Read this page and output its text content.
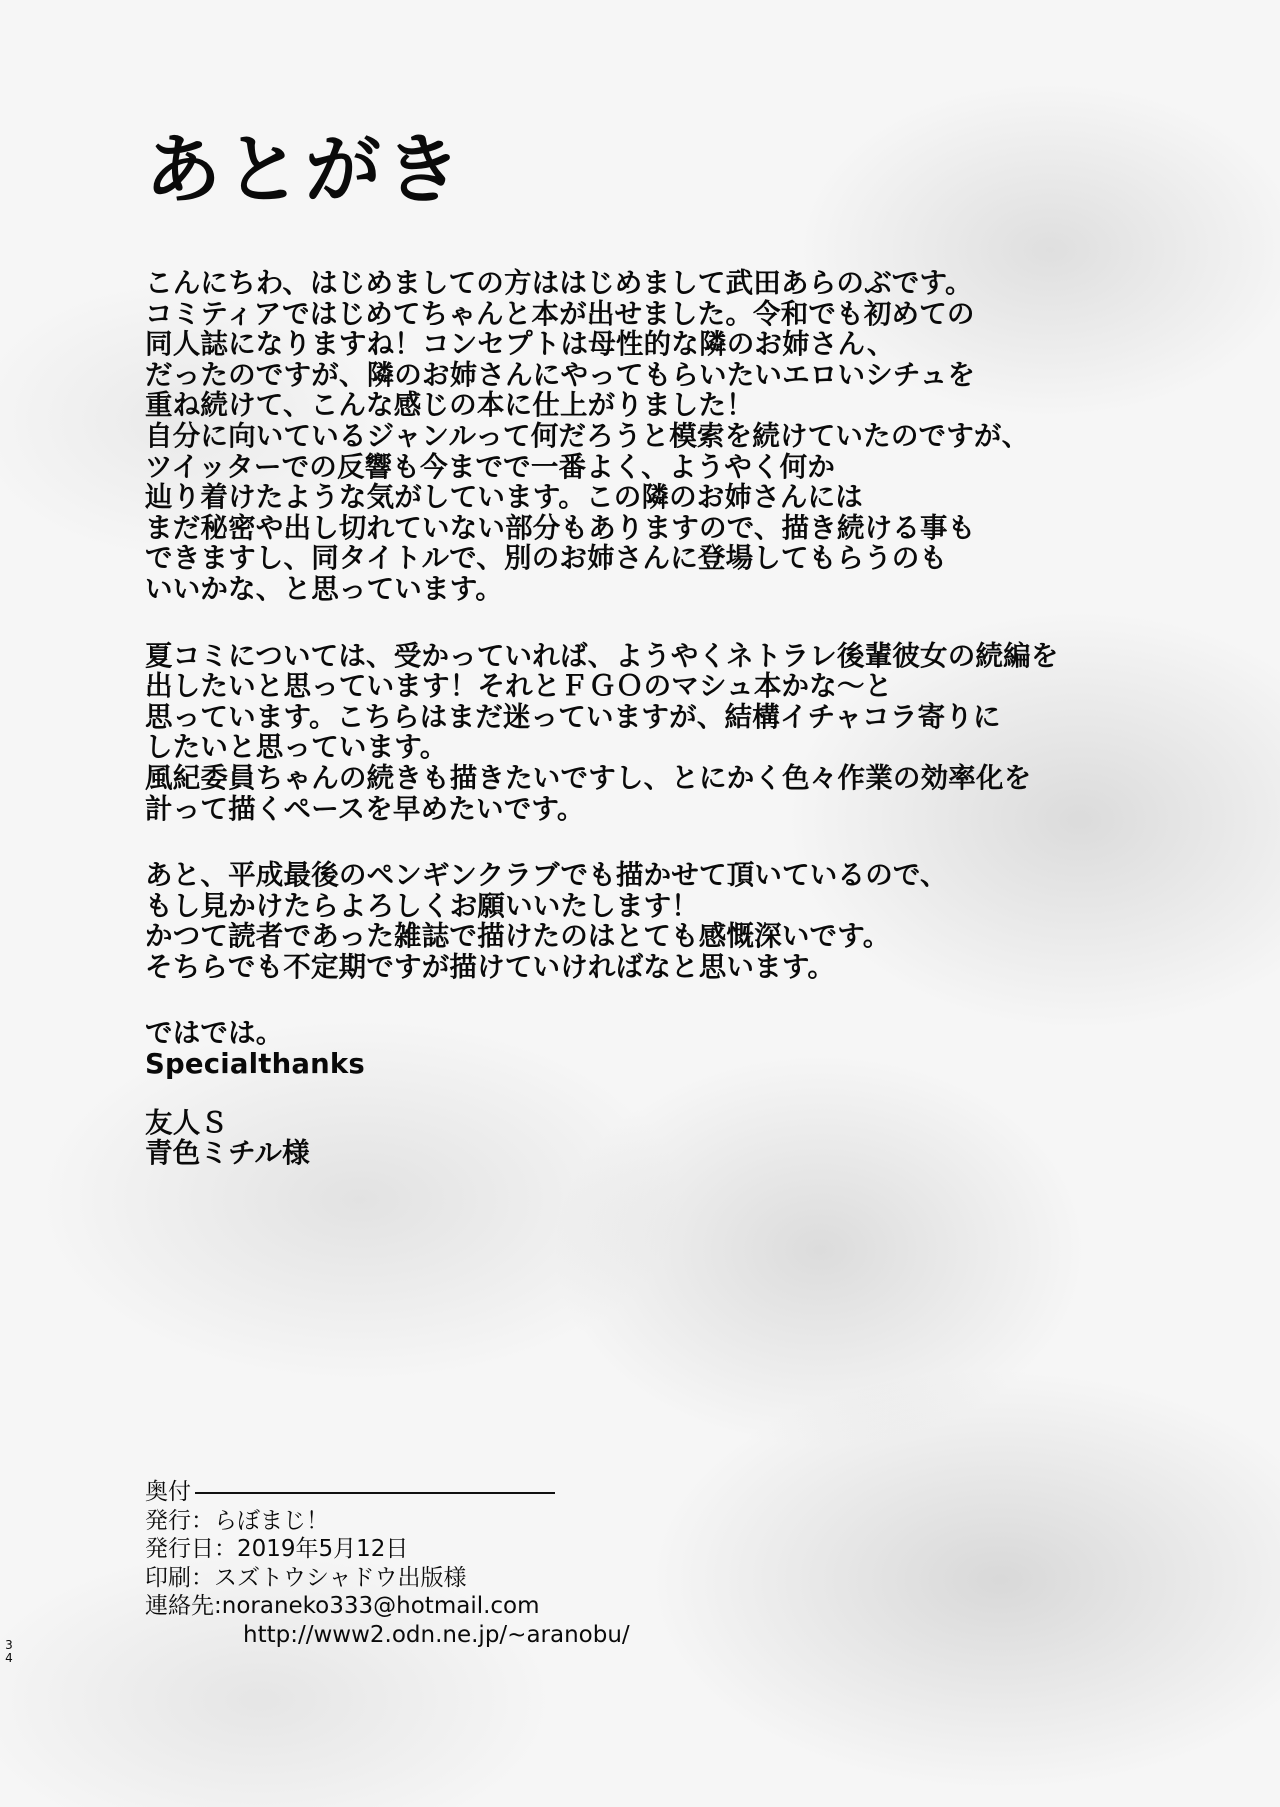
あとがき

こんにちわ、はじめましての方ははじめまして武田あらのぶです。
コミティアではじめてちゃんと本が出せました。令和でも初めての
同人誌になりますね！コンセプトは母性的な隣のお姉さん、
だったのですが、隣のお姉さんにやってもらいたいエロいシチュを
重ね続けて、こんな感じの本に仕上がりました！
自分に向いているジャンルって何だろうと模索を続けていたのですが、
ツイッターでの反響も今までで一番よく、ようやく何か
辿り着けたような気がしています。この隣のお姉さんには
まだ秘密や出し切れていない部分もありますので、描き続ける事も
できますし、同タイトルで、別のお姉さんに登場してもらうのも
いいかな、と思っています。

夏コミについては、受かっていれば、ようやくネトラレ後輩彼女の続編を
出したいと思っています！それとＦＧＯのマシュ本かな〜と
思っています。こちらはまだ迷っていますが、結構イチャコラ寄りに
したいと思っています。
風紀委員ちゃんの続きも描きたいですし、とにかく色々作業の効率化を
計って描くペースを早めたいです。

あと、平成最後のペンギンクラブでも描かせて頂いているので、
もし見かけたらよろしくお願いいたします！
かつて読者であった雑誌で描けたのはとても感慨深いです。
そちらでも不定期ですが描けていければなと思います。

ではでは。
Specialthanks

友人Ｓ
青色ミチル様

奥付
発行：らぼまじ！
発行日：2019年5月12日
印刷：スズトウシャドウ出版様
連絡先:noraneko333@hotmail.com
http://www2.odn.ne.jp/~aranobu/
3
4
